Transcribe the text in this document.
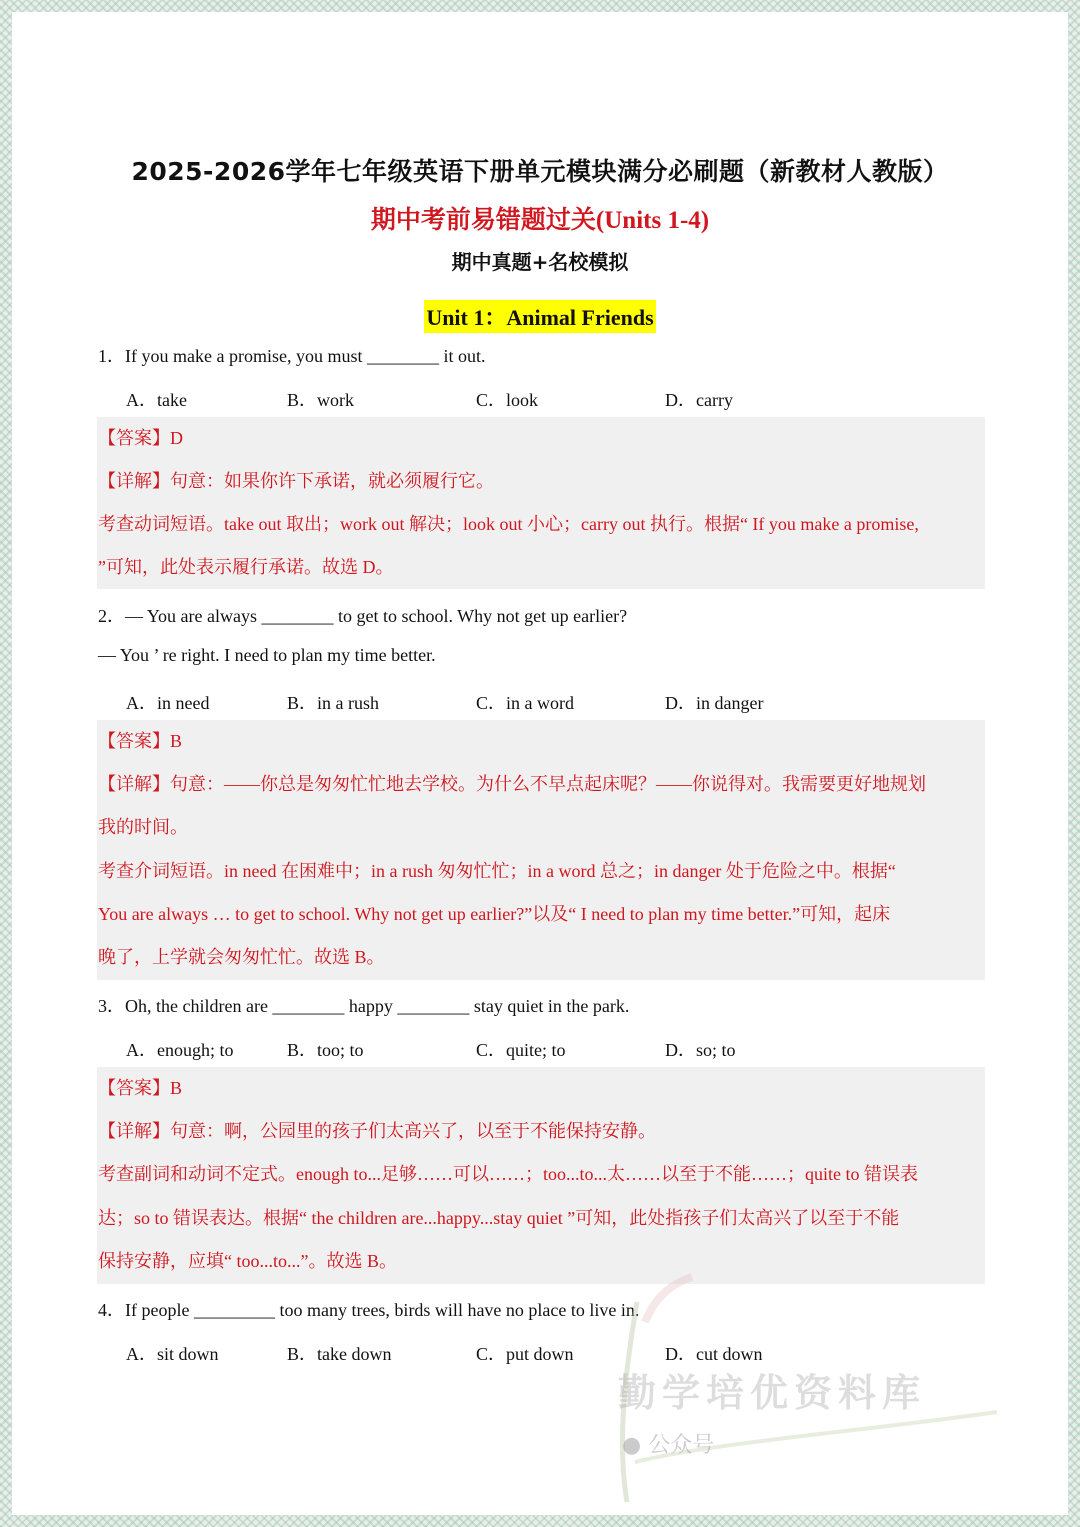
2025-2026学年七年级英语下册单元模块满分必刷题（新教材人教版）
期中考前易错题过关(Units 1-4)
期中真题+名校模拟
Unit 1：Animal Friends
1．If you make a promise, you must ________ it out.
A．take	B．work	C．look	D．carry
【答案】D
【详解】句意：如果你许下承诺，就必须履行它。
考查动词短语。take out 取出；work out 解决；look out 小心；carry out 执行。根据“ If you make a promise,
”可知，此处表示履行承诺。故选 D。
2．— You are always ________ to get to school. Why not get up earlier?
— You ’ re right. I need to plan my time better.
A．in need	B．in a rush	C．in a word	D．in danger
【答案】B
【详解】句意：——你总是匆匆忙忙地去学校。为什么不早点起床呢？——你说得对。我需要更好地规划
我的时间。
考查介词短语。in need 在困难中；in a rush 匆匆忙忙；in a word 总之；in danger 处于危险之中。根据“
You are always … to get to school. Why not get up earlier?”以及“ I need to plan my time better.”可知，起床
晚了，上学就会匆匆忙忙。故选 B。
3．Oh, the children are ________ happy ________ stay quiet in the park.
A．enough; to	B．too; to	C．quite; to	D．so; to
【答案】B
【详解】句意：啊，公园里的孩子们太高兴了，以至于不能保持安静。
考查副词和动词不定式。enough to...足够……可以……；too...to...太……以至于不能……；quite to 错误表
达；so to 错误表达。根据“ the children are...happy...stay quiet ”可知，此处指孩子们太高兴了以至于不能
保持安静，应填“ too...to...”。故选 B。
4．If people _________ too many trees, birds will have no place to live in.
A．sit down	B．take down	C．put down	D．cut down
勤学培优资料库
● 公众号
